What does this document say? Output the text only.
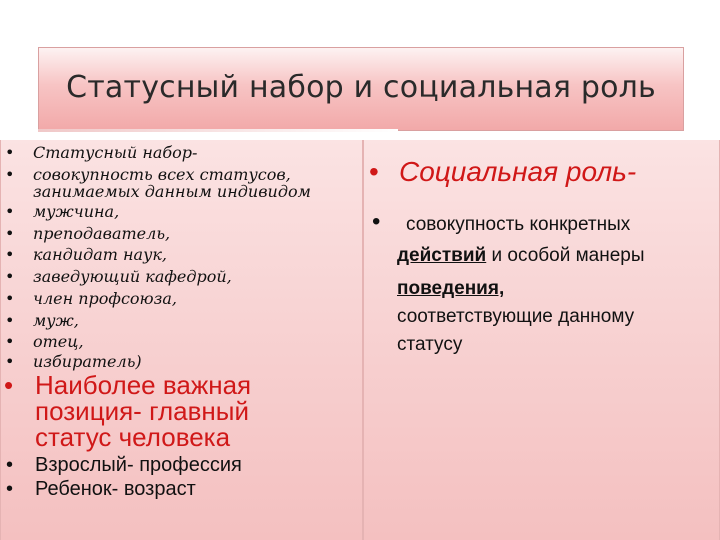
Статусный набор и социальная роль
• Статусный набор-
• совокупность всех статусов,
занимаемых данным индивидом
• мужчина,
• преподаватель,
• кандидат наук,
• заведующий кафедрой,
• член профсоюза,
• муж,
• отец,
• избиратель)
• Наиболее важная
позиция- главный
статус человека
• Взрослый- профессия
• Ребенок- возраст
• Социальная роль-
• совокупность конкретных
действий и особой манеры
поведения,
соответствующие данному
статусу
